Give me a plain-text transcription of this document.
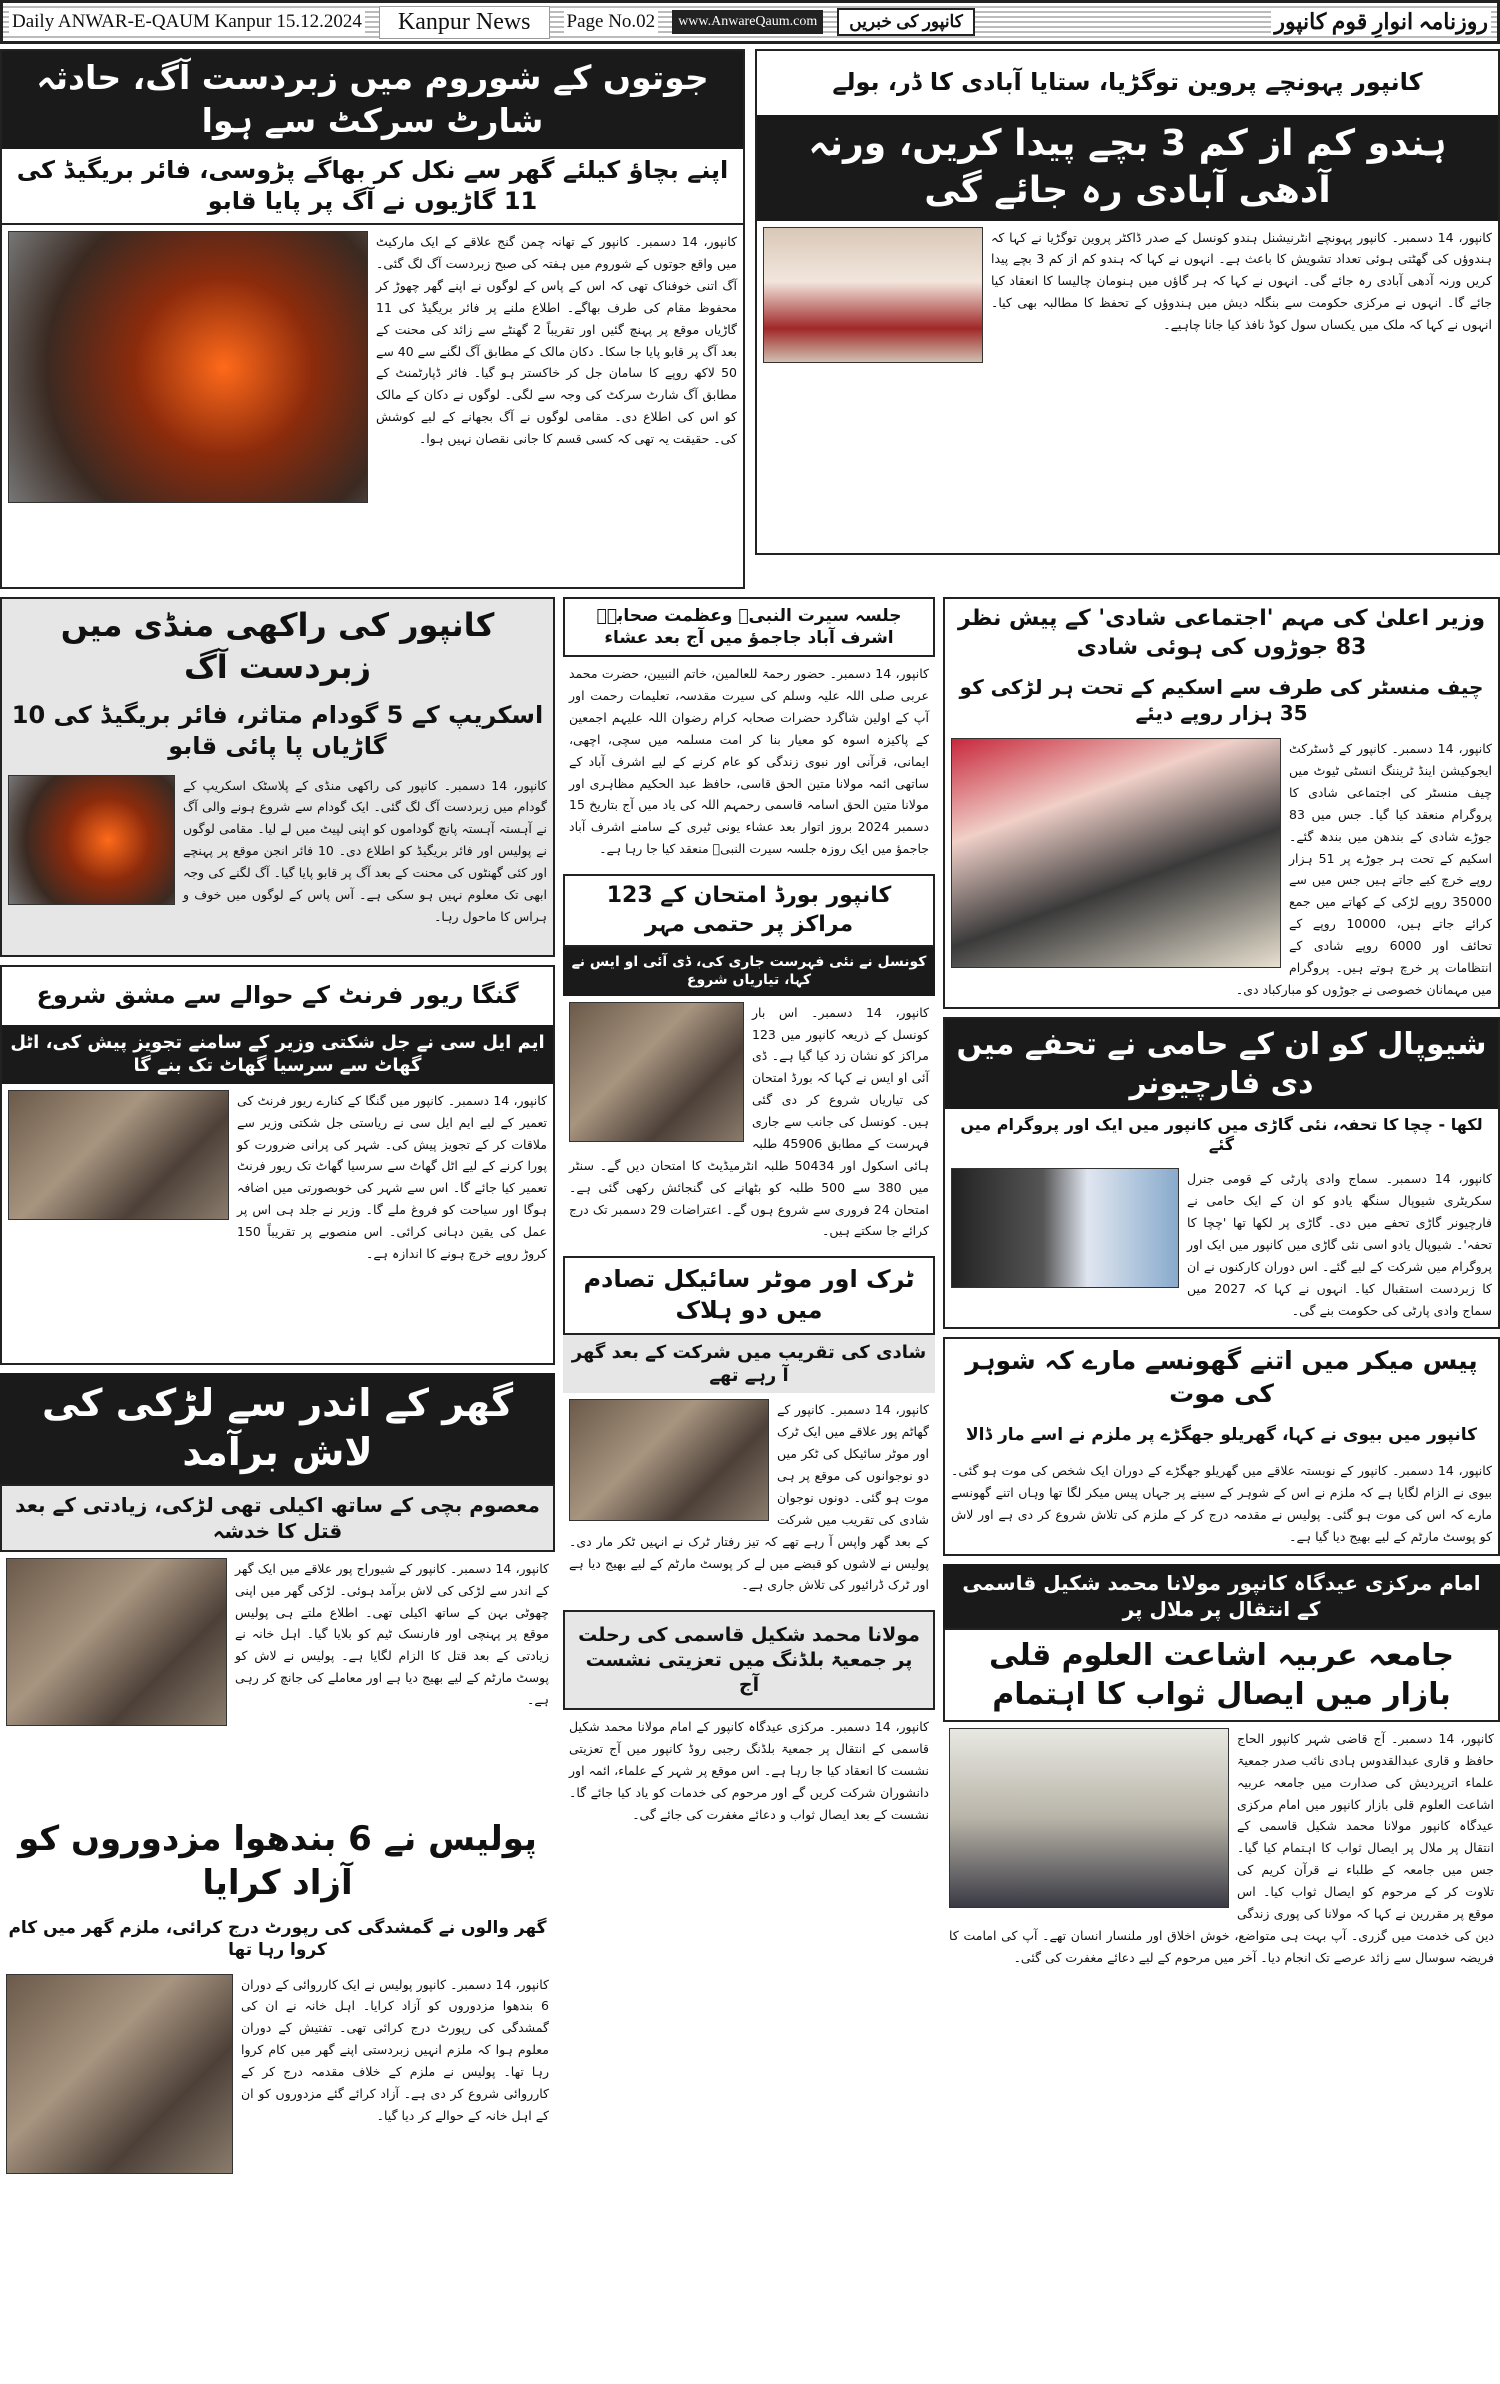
Daily ANWAR-E-QAUM Kanpur 15.12.2024	Kanpur News	Page No.02	www.AnwareQaum.com	کانپور کی خبریں	روزنامہ انوارِ قوم کانپور
جوتوں کے شوروم میں زبردست آگ، حادثہ شارٹ سرکٹ سے ہوا
اپنے بچاؤ کیلئے گھر سے نکل کر بھاگے پڑوسی، فائر بریگیڈ کی 11 گاڑیوں نے آگ پر پایا قابو
کانپور، 14 دسمبر۔ کانپور کے تھانہ چمن گنج علاقے کے ایک مارکیٹ میں واقع جوتوں کے شوروم میں ہفتہ کی صبح زبردست آگ لگ گئی۔ آگ اتنی خوفناک تھی کہ اس کے پاس کے لوگوں نے اپنے گھر چھوڑ کر محفوظ مقام کی طرف بھاگے۔ اطلاع ملنے پر فائر بریگیڈ کی 11 گاڑیاں موقع پر پہنچ گئیں اور تقریباً 2 گھنٹے سے زائد کی محنت کے بعد آگ پر قابو پایا جا سکا۔ دکان مالک کے مطابق آگ لگنے سے 40 سے 50 لاکھ روپے کا سامان جل کر خاکستر ہو گیا۔ فائر ڈپارٹمنٹ کے مطابق آگ شارٹ سرکٹ کی وجہ سے لگی۔ لوگوں نے دکان کے مالک کو اس کی اطلاع دی۔ مقامی لوگوں نے آگ بجھانے کے لیے کوشش کی۔ حقیقت یہ تھی کہ کسی قسم کا جانی نقصان نہیں ہوا۔
کانپور پہونچے پروین توگڑیا، ستایا آبادی کا ڈر، بولے
ہندو کم از کم 3 بچے پیدا کریں، ورنہ آدھی آبادی رہ جائے گی
کانپور، 14 دسمبر۔ کانپور پہونچے انٹرنیشنل ہندو کونسل کے صدر ڈاکٹر پروین توگڑیا نے کہا کہ ہندوؤں کی گھٹتی ہوئی تعداد تشویش کا باعث ہے۔ انہوں نے کہا کہ ہندو کم از کم 3 بچے پیدا کریں ورنہ آدھی آبادی رہ جائے گی۔ انہوں نے کہا کہ ہر گاؤں میں ہنومان چالیسا کا انعقاد کیا جائے گا۔ انہوں نے مرکزی حکومت سے بنگلہ دیش میں ہندوؤں کے تحفظ کا مطالبہ بھی کیا۔ انہوں نے کہا کہ ملک میں یکساں سول کوڈ نافذ کیا جانا چاہیے۔
کانپور کی راکھی منڈی میں زبردست آگ
اسکریپ کے 5 گودام متاثر، فائر بریگیڈ کی 10 گاڑیاں پا پائی قابو
کانپور، 14 دسمبر۔ کانپور کی راکھی منڈی کے پلاسٹک اسکریپ کے گودام میں زبردست آگ لگ گئی۔ ایک گودام سے شروع ہونے والی آگ نے آہستہ آہستہ پانچ گوداموں کو اپنی لپیٹ میں لے لیا۔ مقامی لوگوں نے پولیس اور فائر بریگیڈ کو اطلاع دی۔ 10 فائر انجن موقع پر پہنچے اور کئی گھنٹوں کی محنت کے بعد آگ پر قابو پایا گیا۔ آگ لگنے کی وجہ ابھی تک معلوم نہیں ہو سکی ہے۔ آس پاس کے لوگوں میں خوف و ہراس کا ماحول رہا۔
گنگا ریور فرنٹ کے حوالے سے مشق شروع
ایم ایل سی نے جل شکتی وزیر کے سامنے تجویز پیش کی، اٹل گھاٹ سے سرسیا گھاٹ تک بنے گا
کانپور، 14 دسمبر۔ کانپور میں گنگا کے کنارے ریور فرنٹ کی تعمیر کے لیے ایم ایل سی نے ریاستی جل شکتی وزیر سے ملاقات کر کے تجویز پیش کی۔ شہر کی پرانی ضرورت کو پورا کرنے کے لیے اٹل گھاٹ سے سرسیا گھاٹ تک ریور فرنٹ تعمیر کیا جائے گا۔ اس سے شہر کی خوبصورتی میں اضافہ ہوگا اور سیاحت کو فروغ ملے گا۔ وزیر نے جلد ہی اس پر عمل کی یقین دہانی کرائی۔ اس منصوبے پر تقریباً 150 کروڑ روپے خرچ ہونے کا اندازہ ہے۔
گھر کے اندر سے لڑکی کی لاش برآمد
معصوم بچی کے ساتھ اکیلی تھی لڑکی، زیادتی کے بعد قتل کا خدشہ
کانپور، 14 دسمبر۔ کانپور کے شیوراج پور علاقے میں ایک گھر کے اندر سے لڑکی کی لاش برآمد ہوئی۔ لڑکی گھر میں اپنی چھوٹی بہن کے ساتھ اکیلی تھی۔ اطلاع ملتے ہی پولیس موقع پر پہنچی اور فارنسک ٹیم کو بلایا گیا۔ اہل خانہ نے زیادتی کے بعد قتل کا الزام لگایا ہے۔ پولیس نے لاش کو پوسٹ مارٹم کے لیے بھیج دیا ہے اور معاملے کی جانچ کر رہی ہے۔
پولیس نے 6 بندھوا مزدوروں کو آزاد کرایا
گھر والوں نے گمشدگی کی رپورٹ درج کرائی، ملزم گھر میں کام کروا رہا تھا
کانپور، 14 دسمبر۔ کانپور پولیس نے ایک کارروائی کے دوران 6 بندھوا مزدوروں کو آزاد کرایا۔ اہل خانہ نے ان کی گمشدگی کی رپورٹ درج کرائی تھی۔ تفتیش کے دوران معلوم ہوا کہ ملزم انہیں زبردستی اپنے گھر میں کام کروا رہا تھا۔ پولیس نے ملزم کے خلاف مقدمہ درج کر کے کارروائی شروع کر دی ہے۔ آزاد کرائے گئے مزدوروں کو ان کے اہل خانہ کے حوالے کر دیا گیا۔
جلسہ سیرت النبیؐ وعظمت صحابہؓ اشرف آباد جاجمؤ میں آج بعد عشاء
کانپور، 14 دسمبر۔ حضور رحمۃ للعالمین، خاتم النبیین، حضرت محمد عربی صلی اللہ علیہ وسلم کی سیرت مقدسہ، تعلیمات رحمت اور آپ کے اولین شاگرد حضرات صحابہ کرام رضوان اللہ علیہم اجمعین کے پاکیزہ اسوہ کو معیار بنا کر امت مسلمہ میں سچی، اچھی، ایمانی، قرآنی اور نبوی زندگی کو عام کرنے کے لیے اشرف آباد کے ساتھی ائمہ مولانا متین الحق قاسی، حافظ عبد الحکیم مظاہری اور مولانا متین الحق اسامہ قاسمی رحمہم اللہ کی یاد میں آج بتاریخ 15 دسمبر 2024 بروز اتوار بعد عشاء یونی ٹیری کے سامنے اشرف آباد جاجمؤ میں ایک روزہ جلسہ سیرت النبیؐ منعقد کیا جا رہا ہے۔
کانپور بورڈ امتحان کے 123 مراکز پر حتمی مہر
کونسل نے نئی فہرست جاری کی، ڈی آئی او ایس نے کہا، تیاریاں شروع
کانپور، 14 دسمبر۔ اس بار کونسل کے ذریعہ کانپور میں 123 مراکز کو نشان زد کیا گیا ہے۔ ڈی آئی او ایس نے کہا کہ بورڈ امتحان کی تیاریاں شروع کر دی گئی ہیں۔ کونسل کی جانب سے جاری فہرست کے مطابق 45906 طلبہ ہائی اسکول اور 50434 طلبہ انٹرمیڈیٹ کا امتحان دیں گے۔ سنٹر میں 380 سے 500 طلبہ کو بٹھانے کی گنجائش رکھی گئی ہے۔ امتحان 24 فروری سے شروع ہوں گے۔ اعتراضات 29 دسمبر تک درج کرائے جا سکتے ہیں۔
ٹرک اور موٹر سائیکل تصادم میں دو ہلاک
شادی کی تقریب میں شرکت کے بعد گھر آ رہے تھے
کانپور، 14 دسمبر۔ کانپور کے گھاٹم پور علاقے میں ایک ٹرک اور موٹر سائیکل کی ٹکر میں دو نوجوانوں کی موقع پر ہی موت ہو گئی۔ دونوں نوجوان شادی کی تقریب میں شرکت کے بعد گھر واپس آ رہے تھے کہ تیز رفتار ٹرک نے انہیں ٹکر مار دی۔ پولیس نے لاشوں کو قبضے میں لے کر پوسٹ مارٹم کے لیے بھیج دیا ہے اور ٹرک ڈرائیور کی تلاش جاری ہے۔
مولانا محمد شکیل قاسمی کی رحلت پر جمعیۃ بلڈنگ میں تعزیتی نشست آج
کانپور، 14 دسمبر۔ مرکزی عیدگاہ کانپور کے امام مولانا محمد شکیل قاسمی کے انتقال پر جمعیۃ بلڈنگ رجبی روڈ کانپور میں آج تعزیتی نشست کا انعقاد کیا جا رہا ہے۔ اس موقع پر شہر کے علماء، ائمہ اور دانشوران شرکت کریں گے اور مرحوم کی خدمات کو یاد کیا جائے گا۔ نشست کے بعد ایصال ثواب و دعائے مغفرت کی جائے گی۔
وزیر اعلیٰ کی مہم 'اجتماعی شادی' کے پیش نظر 83 جوڑوں کی ہوئی شادی
چیف منسٹر کی طرف سے اسکیم کے تحت ہر لڑکی کو 35 ہزار روپے دیئے
کانپور، 14 دسمبر۔ کانپور کے ڈسٹرکٹ ایجوکیشن اینڈ ٹریننگ انسٹی ٹیوٹ میں چیف منسٹر کی اجتماعی شادی کا پروگرام منعقد کیا گیا۔ جس میں 83 جوڑے شادی کے بندھن میں بندھ گئے۔ اسکیم کے تحت ہر جوڑے پر 51 ہزار روپے خرچ کیے جاتے ہیں جس میں سے 35000 روپے لڑکی کے کھاتے میں جمع کرائے جاتے ہیں، 10000 روپے کے تحائف اور 6000 روپے شادی کے انتظامات پر خرچ ہوتے ہیں۔ پروگرام میں مہمانان خصوصی نے جوڑوں کو مبارکباد دی۔
شیوپال کو ان کے حامی نے تحفے میں دی فارچیونر
لکھا - چچا کا تحفہ، نئی گاڑی میں کانپور میں ایک اور پروگرام میں گئے
کانپور، 14 دسمبر۔ سماج وادی پارٹی کے قومی جنرل سکریٹری شیوپال سنگھ یادو کو ان کے ایک حامی نے فارچیونر گاڑی تحفے میں دی۔ گاڑی پر لکھا تھا 'چچا کا تحفہ'۔ شیوپال یادو اسی نئی گاڑی میں کانپور میں ایک اور پروگرام میں شرکت کے لیے گئے۔ اس دوران کارکنوں نے ان کا زبردست استقبال کیا۔ انہوں نے کہا کہ 2027 میں سماج وادی پارٹی کی حکومت بنے گی۔
پیس میکر میں اتنے گھونسے مارے کہ شوہر کی موت
کانپور میں بیوی نے کہا، گھریلو جھگڑے پر ملزم نے اسے مار ڈالا
کانپور، 14 دسمبر۔ کانپور کے نوبستہ علاقے میں گھریلو جھگڑے کے دوران ایک شخص کی موت ہو گئی۔ بیوی نے الزام لگایا ہے کہ ملزم نے اس کے شوہر کے سینے پر جہاں پیس میکر لگا تھا وہاں اتنے گھونسے مارے کہ اس کی موت ہو گئی۔ پولیس نے مقدمہ درج کر کے ملزم کی تلاش شروع کر دی ہے اور لاش کو پوسٹ مارٹم کے لیے بھیج دیا گیا ہے۔
امام مرکزی عیدگاہ کانپور مولانا محمد شکیل قاسمی کے انتقال پر ملال پر
جامعہ عربیہ اشاعت العلوم قلی بازار میں ایصال ثواب کا اہتمام
کانپور، 14 دسمبر۔ آج قاضی شہر کانپور الحاج حافظ و قاری عبدالقدوس ہادی نائب صدر جمعیۃ علماء اترپردیش کی صدارت میں جامعہ عربیہ اشاعت العلوم قلی بازار کانپور میں امام مرکزی عیدگاہ کانپور مولانا محمد شکیل قاسمی کے انتقال پر ملال پر ایصال ثواب کا اہتمام کیا گیا۔ جس میں جامعہ کے طلباء نے قرآن کریم کی تلاوت کر کے مرحوم کو ایصال ثواب کیا۔ اس موقع پر مقررین نے کہا کہ مولانا کی پوری زندگی دین کی خدمت میں گزری۔ آپ بہت ہی متواضع، خوش اخلاق اور ملنسار انسان تھے۔ آپ کی امامت کا فریضہ سوسال سے زائد عرصے تک انجام دیا۔ آخر میں مرحوم کے لیے دعائے مغفرت کی گئی۔
